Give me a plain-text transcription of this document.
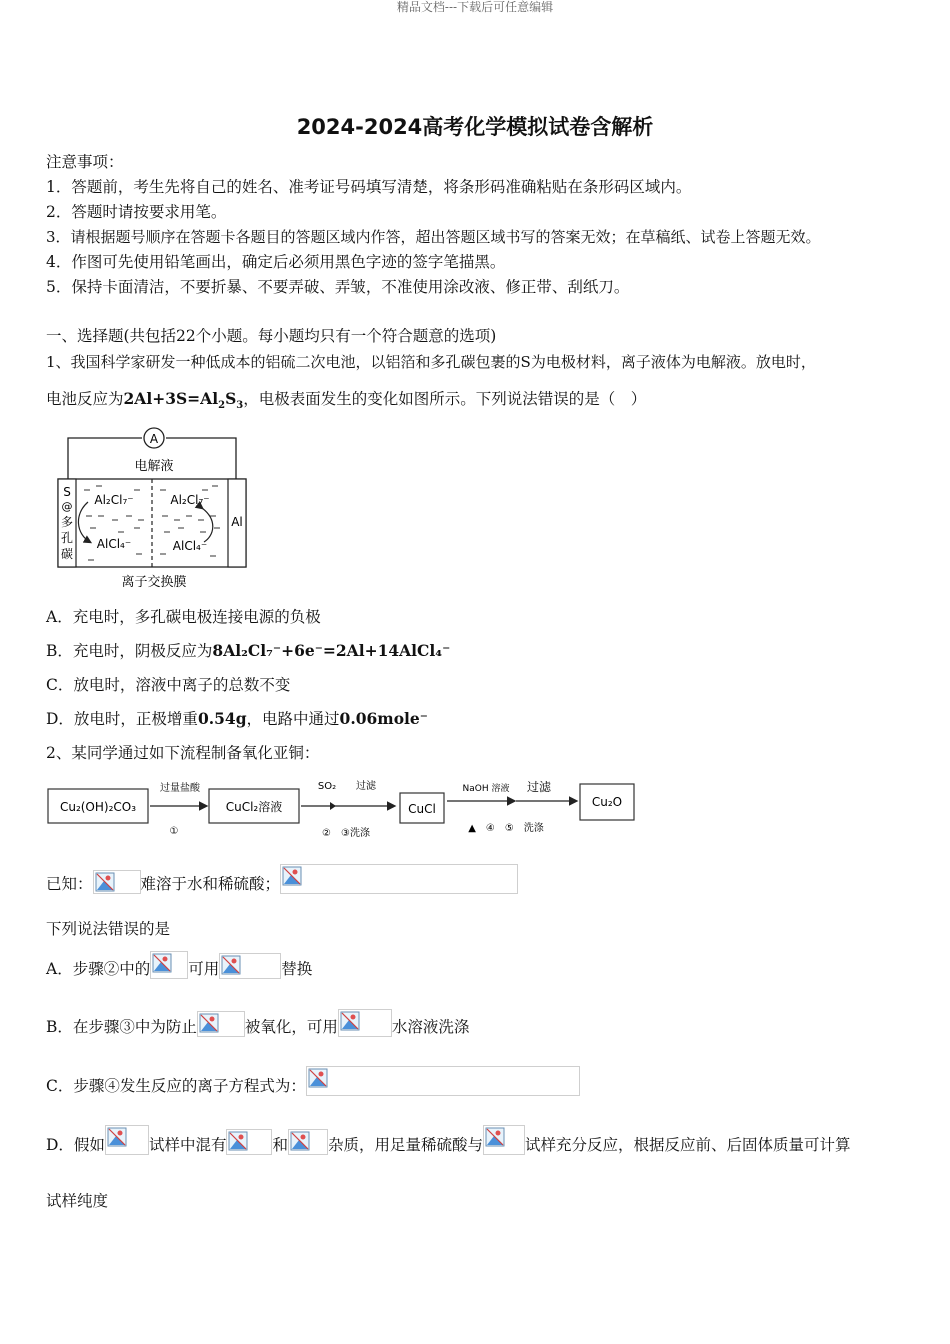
精品文档---下载后可任意编辑
2024-2024高考化学模拟试卷含解析
注意事项：
1．答题前，考生先将自己的姓名、准考证号码填写清楚，将条形码准确粘贴在条形码区域内。
2．答题时请按要求用笔。
3．请根据题号顺序在答题卡各题目的答题区域内作答，超出答题区域书写的答案无效；在草稿纸、试卷上答题无效。
4．作图可先使用铅笔画出，确定后必须用黑色字迹的签字笔描黑。
5．保持卡面清洁，不要折暴、不要弄破、弄皱，不准使用涂改液、修正带、刮纸刀。
一、选择题(共包括22个小题。每小题均只有一个符合题意的选项)
1、我国科学家研发一种低成本的铝硫二次电池，以铝箔和多孔碳包裹的S为电极材料，离子液体为电解液。放电时，
电池反应为$2Al+3S=Al_2S_3$，电极表面发生的变化如图所示。下列说法错误的是（　）
A
电解液
S
@
多
孔
碳
Al
Al₂Cl₇⁻
AlCl₄⁻
Al₂Cl₇⁻
AlCl₄⁻
离子交换膜
A．充电时，多孔碳电极连接电源的负极
B．充电时，阴极反应为8Al₂Cl₇⁻+6e⁻=2Al+14AlCl₄⁻
C．放电时，溶液中离子的总数不变
D．放电时，正极增重0.54g，电路中通过0.06mole⁻
2、某同学通过如下流程制备氧化亚铜：
Cu₂(OH)₂CO₃
过量盐酸
①
CuCl₂溶液
SO₂ 过滤
②　③洗涤
CuCl
NaOH 溶液 过滤
▲　④　⑤　洗涤
Cu₂O
已知：	难溶于水和稀硫酸；
下列说法错误的是
A．步骤②中的 可用	替换
B．在步骤③中为防止	被氧化，可用	水溶液洗涤
C．步骤④发生反应的离子方程式为：
D．假如	试样中混有	和	杂质，用足量稀硫酸与	试样充分反应，根据反应前、后固体质量可计算
试样纯度
